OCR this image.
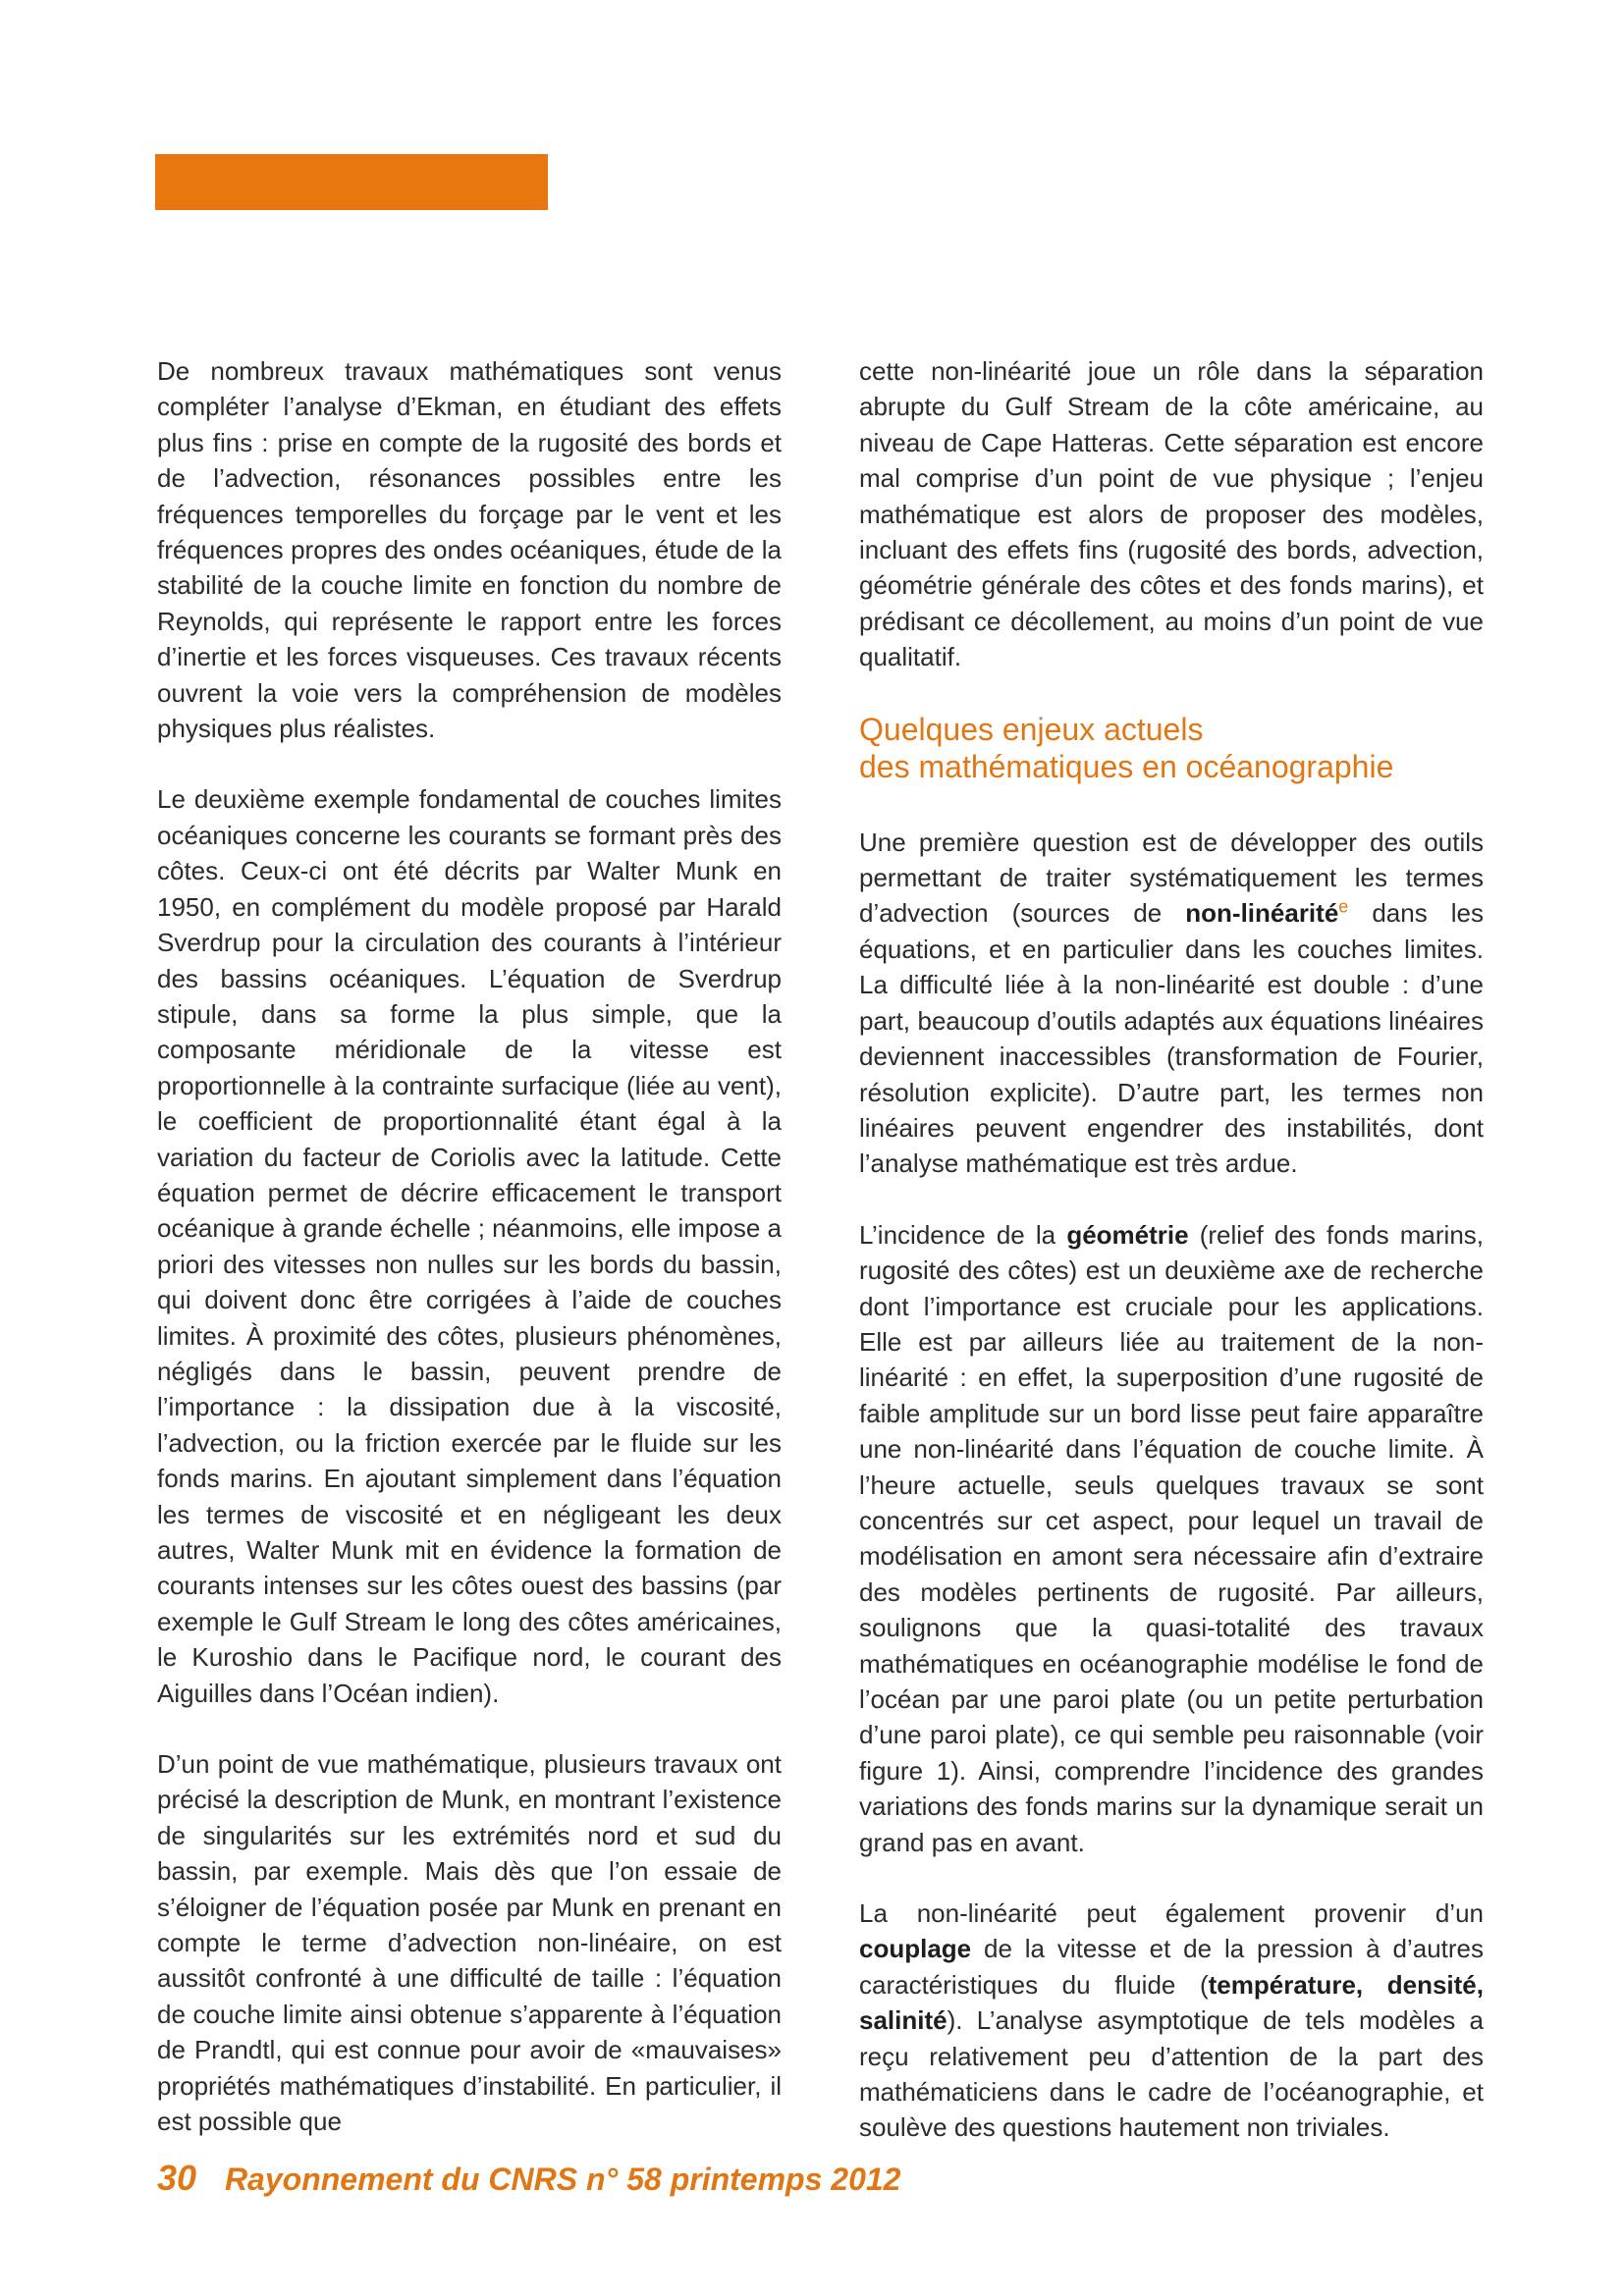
De nombreux travaux mathématiques sont venus compléter l’analyse d’Ekman, en étudiant des effets plus fins : prise en compte de la rugosité des bords et de l’advection, résonances possibles entre les fréquences temporelles du forçage par le vent et les fréquences propres des ondes océaniques, étude de la stabilité de la couche limite en fonction du nombre de Reynolds, qui représente le rapport entre les forces d’inertie et les forces visqueuses. Ces travaux récents ouvrent la voie vers la compréhension de modèles physiques plus réalistes.

Le deuxième exemple fondamental de couches limites océaniques concerne les courants se formant près des côtes. Ceux-ci ont été décrits par Walter Munk en 1950, en complément du modèle proposé par Harald Sverdrup pour la circulation des courants à l’intérieur des bassins océaniques. L’équation de Sverdrup stipule, dans sa forme la plus simple, que la composante méridionale de la vitesse est proportionnelle à la contrainte surfacique (liée au vent), le coefficient de proportionnalité étant égal à la variation du facteur de Coriolis avec la latitude. Cette équation permet de décrire efficacement le transport océanique à grande échelle ; néanmoins, elle impose a priori des vitesses non nulles sur les bords du bassin, qui doivent donc être corrigées à l’aide de couches limites. À proximité des côtes, plusieurs phénomènes, négligés dans le bassin, peuvent prendre de l’importance : la dissipation due à la viscosité, l’advection, ou la friction exercée par le fluide sur les fonds marins. En ajoutant simplement dans l’équation les termes de viscosité et en négligeant les deux autres, Walter Munk mit en évidence la formation de courants intenses sur les côtes ouest des bassins (par exemple le Gulf Stream le long des côtes américaines, le Kuroshio dans le Pacifique nord, le courant des Aiguilles dans l’Océan indien).

D’un point de vue mathématique, plusieurs travaux ont précisé la description de Munk, en montrant l’existence de singularités sur les extrémités nord et sud du bassin, par exemple. Mais dès que l’on essaie de s’éloigner de l’équation posée par Munk en prenant en compte le terme d’advection non-linéaire, on est aussitôt confronté à une difficulté de taille : l’équation de couche limite ainsi obtenue s’apparente à l’équation de Prandtl, qui est connue pour avoir de «mauvaises» propriétés mathématiques d’instabilité. En particulier, il est possible que

cette non-linéarité joue un rôle dans la séparation abrupte du Gulf Stream de la côte américaine, au niveau de Cape Hatteras. Cette séparation est encore mal comprise d’un point de vue physique ; l’enjeu mathématique est alors de proposer des modèles, incluant des effets fins (rugosité des bords, advection, géométrie générale des côtes et des fonds marins), et prédisant ce décollement, au moins d’un point de vue qualitatif.

Quelques enjeux actuels
des mathématiques en océanographie

Une première question est de développer des outils permettant de traiter systématiquement les termes d’advection (sources de non-linéarité$^e$ dans les équations, et en particulier dans les couches limites. La difficulté liée à la non-linéarité est double : d’une part, beaucoup d’outils adaptés aux équations linéaires deviennent inaccessibles (transformation de Fourier, résolution explicite). D’autre part, les termes non linéaires peuvent engendrer des instabilités, dont l’analyse mathématique est très ardue.

L’incidence de la géométrie (relief des fonds marins, rugosité des côtes) est un deuxième axe de recherche dont l’importance est cruciale pour les applications. Elle est par ailleurs liée au traitement de la non-linéarité : en effet, la superposition d’une rugosité de faible amplitude sur un bord lisse peut faire apparaître une non-linéarité dans l’équation de couche limite. À l’heure actuelle, seuls quelques travaux se sont concentrés sur cet aspect, pour lequel un travail de modélisation en amont sera nécessaire afin d’extraire des modèles pertinents de rugosité. Par ailleurs, soulignons que la quasi-totalité des travaux mathématiques en océanographie modélise le fond de l’océan par une paroi plate (ou un petite perturbation d’une paroi plate), ce qui semble peu raisonnable (voir figure 1). Ainsi, comprendre l’incidence des grandes variations des fonds marins sur la dynamique serait un grand pas en avant.

La non-linéarité peut également provenir d’un couplage de la vitesse et de la pression à d’autres caractéristiques du fluide (température, densité, salinité). L’analyse asymptotique de tels modèles a reçu relativement peu d’attention de la part des mathématiciens dans le cadre de l’océanographie, et soulève des questions hautement non triviales.

30 Rayonnement du CNRS n° 58 printemps 2012
